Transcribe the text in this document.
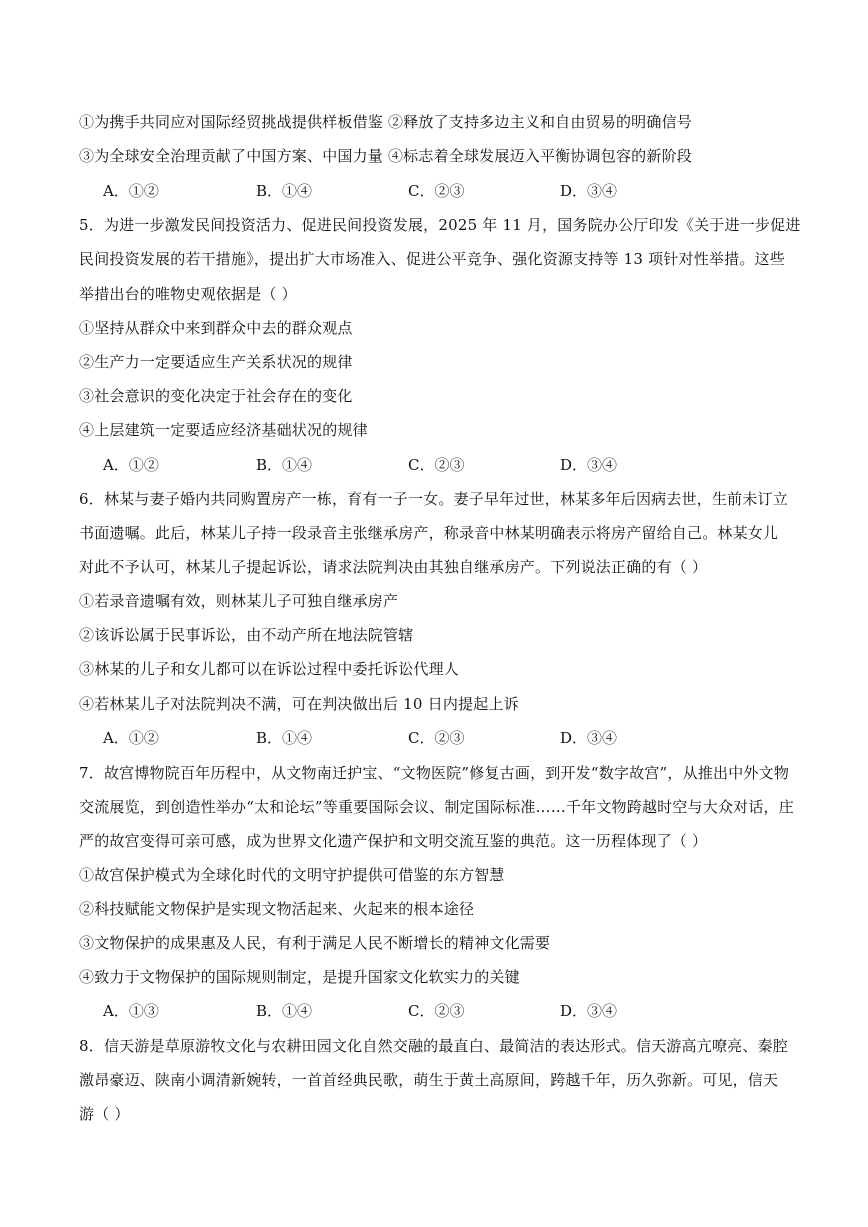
①为携手共同应对国际经贸挑战提供样板借鉴 ②释放了支持多边主义和自由贸易的明确信号
③为全球安全治理贡献了中国方案、中国力量 ④标志着全球发展迈入平衡协调包容的新阶段
A．①②	B．①④	C．②③	D．③④
5．为进一步激发民间投资活力、促进民间投资发展，2025 年 11 月，国务院办公厅印发《关于进一步促进
民间投资发展的若干措施》，提出扩大市场准入、促进公平竞争、强化资源支持等 13 项针对性举措。这些
举措出台的唯物史观依据是（ ）
①坚持从群众中来到群众中去的群众观点
②生产力一定要适应生产关系状况的规律
③社会意识的变化决定于社会存在的变化
④上层建筑一定要适应经济基础状况的规律
A．①②	B．①④	C．②③	D．③④
6．林某与妻子婚内共同购置房产一栋，育有一子一女。妻子早年过世，林某多年后因病去世，生前未订立
书面遗嘱。此后，林某儿子持一段录音主张继承房产，称录音中林某明确表示将房产留给自己。林某女儿
对此不予认可，林某儿子提起诉讼，请求法院判决由其独自继承房产。下列说法正确的有（ ）
①若录音遗嘱有效，则林某儿子可独自继承房产
②该诉讼属于民事诉讼，由不动产所在地法院管辖
③林某的儿子和女儿都可以在诉讼过程中委托诉讼代理人
④若林某儿子对法院判决不满，可在判决做出后 10 日内提起上诉
A．①②	B．①④	C．②③	D．③④
7．故宫博物院百年历程中，从文物南迁护宝、“文物医院”修复古画，到开发“数字故宫”，从推出中外文物
交流展览，到创造性举办“太和论坛”等重要国际会议、制定国际标准……千年文物跨越时空与大众对话，庄
严的故宫变得可亲可感，成为世界文化遗产保护和文明交流互鉴的典范。这一历程体现了（ ）
①故宫保护模式为全球化时代的文明守护提供可借鉴的东方智慧
②科技赋能文物保护是实现文物活起来、火起来的根本途径
③文物保护的成果惠及人民，有利于满足人民不断增长的精神文化需要
④致力于文物保护的国际规则制定，是提升国家文化软实力的关键
A．①③	B．①④	C．②③	D．③④
8．信天游是草原游牧文化与农耕田园文化自然交融的最直白、最简洁的表达形式。信天游高亢嘹亮、秦腔
激昂豪迈、陕南小调清新婉转，一首首经典民歌，萌生于黄土高原间，跨越千年，历久弥新。可见，信天
游（ ）
